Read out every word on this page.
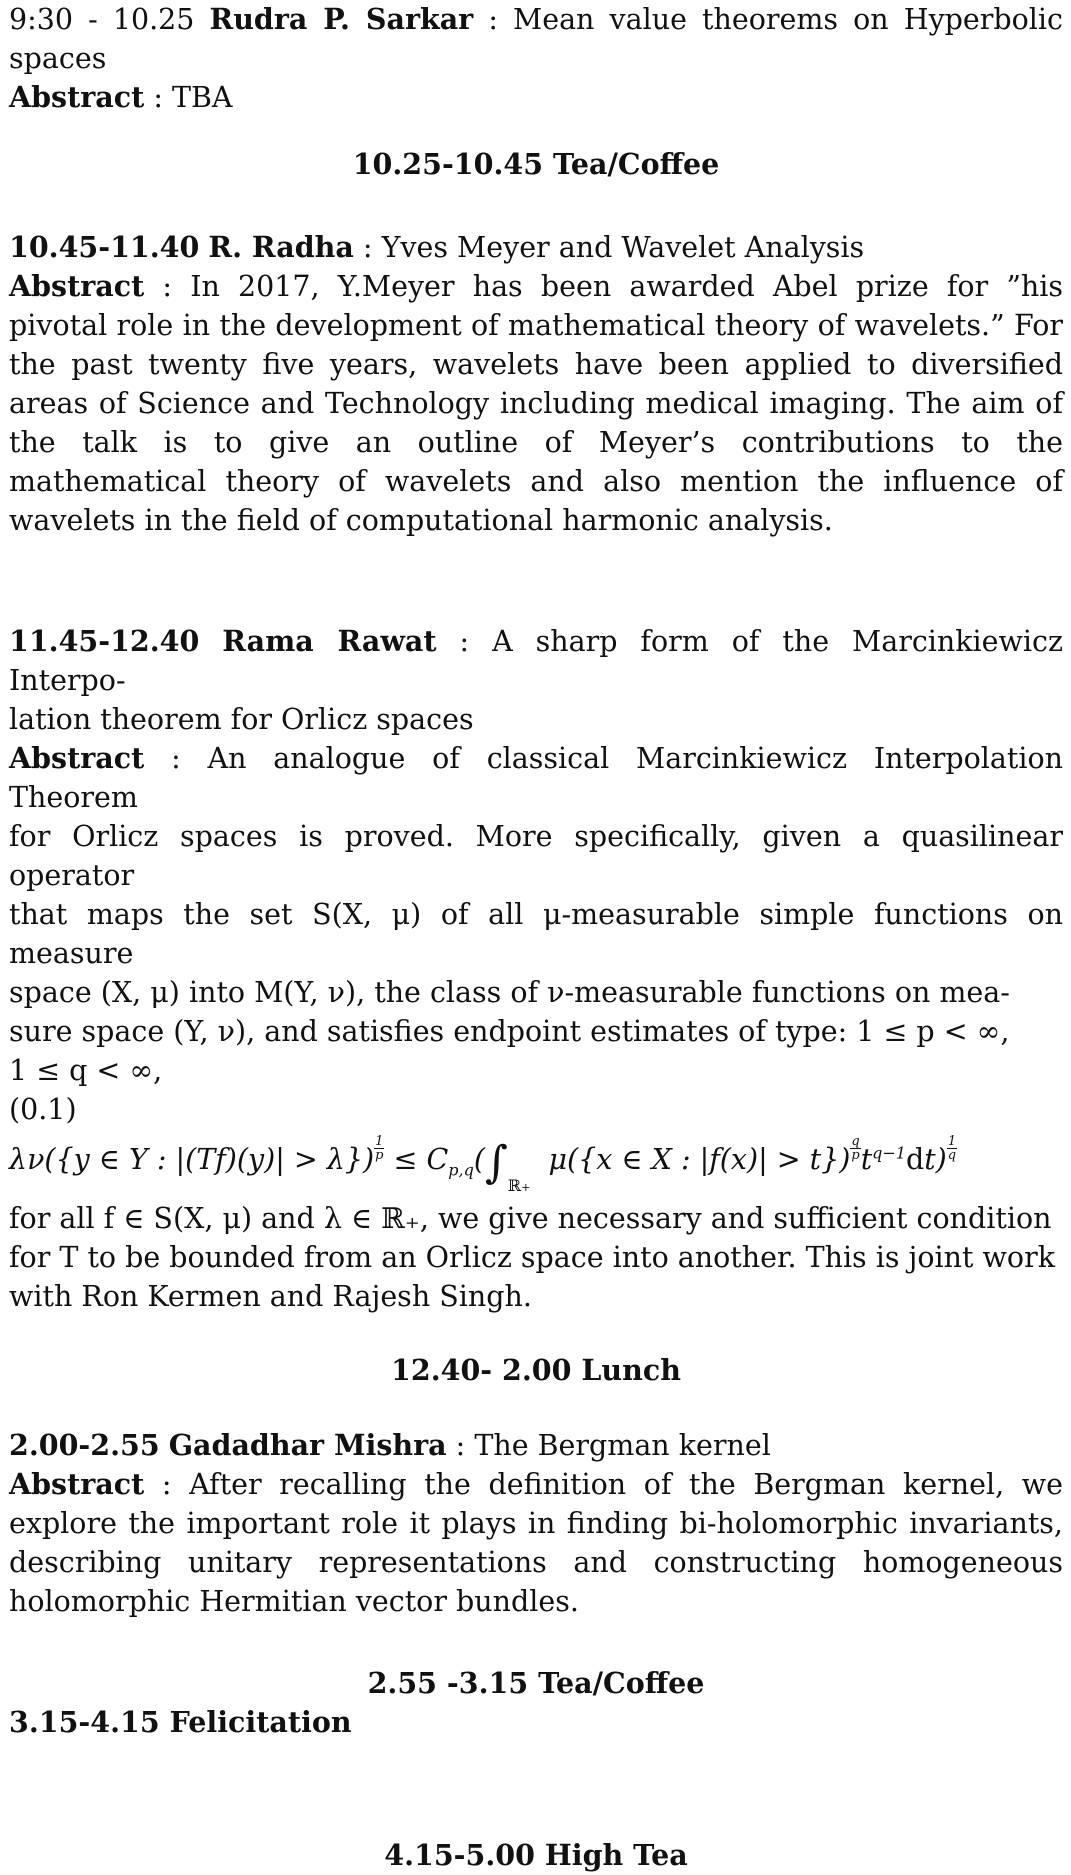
9:30 - 10.25 Rudra P. Sarkar : Mean value theorems on Hyperbolic spaces

Abstract : TBA

10.25-10.45 Tea/Coffee

10.45-11.40 R. Radha : Yves Meyer and Wavelet Analysis

Abstract : In 2017, Y.Meyer has been awarded Abel prize for ”his pivotal role in the development of mathematical theory of wavelets.” For the past twenty five years, wavelets have been applied to diversified areas of Science and Technology including medical imaging. The aim of the talk is to give an outline of Meyer’s contributions to the mathematical theory of wavelets and also mention the influence of wavelets in the field of computational harmonic analysis.

11.45-12.40 Rama Rawat : A sharp form of the Marcinkiewicz Interpo-

lation theorem for Orlicz spaces

Abstract : An analogue of classical Marcinkiewicz Interpolation Theorem

for Orlicz spaces is proved. More specifically, given a quasilinear operator

that maps the set S(X, μ) of all μ-measurable simple functions on measure

space (X, μ) into M(Y, ν), the class of ν-measurable functions on mea-

sure space (Y, ν), and satisfies endpoint estimates of type: 1 ≤ p < ∞,

1 ≤ q < ∞,

(0.1)

λν({y ∈ Y : $|(Tf)(y)| > \lambda\}) \frac{1}{p} \le C_{p,q}(\int_{ℝ+}$  μ({x ∈ X : $|f(x)| > t\}) \frac{q}{p} t^{q-1}dt) \frac{1}{q}$

for all f ∈ S(X, μ) and λ ∈ ℝ₊, we give necessary and sufficient condition

for T to be bounded from an Orlicz space into another. This is joint work

with Ron Kermen and Rajesh Singh.

12.40- 2.00 Lunch

2.00-2.55 Gadadhar Mishra : The Bergman kernel

Abstract : After recalling the definition of the Bergman kernel, we explore the important role it plays in finding bi-holomorphic invariants, describing unitary representations and constructing homogeneous holomorphic Hermitian vector bundles.

2.55 -3.15 Tea/Coffee

3.15-4.15 Felicitation

4.15-5.00 High Tea
